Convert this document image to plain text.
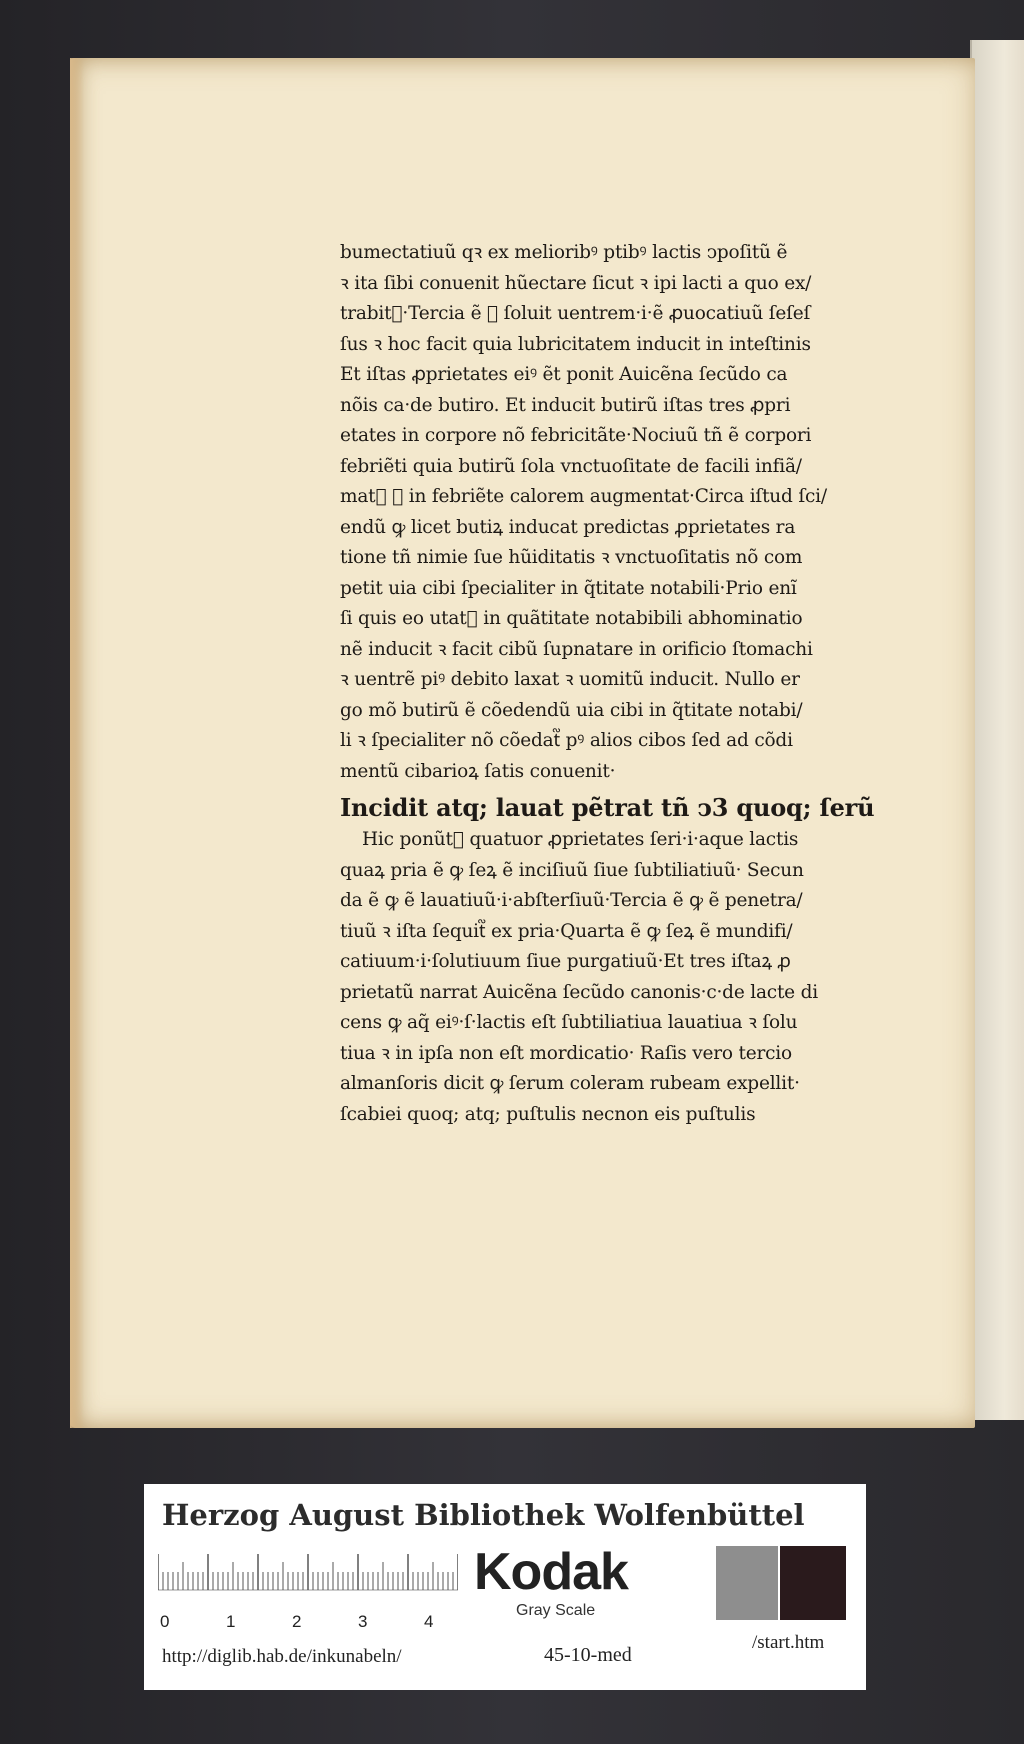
bumectatiuũ qꝛ ex melioribꝰ ptibꝰ lactis ↄpoſitũ ẽ
ꝛ ita ſibi conuenit hũectare ſicut ꝛ ipi lacti a quo ex/
trabit᷑·Tercia ẽ ꝙ ſoluit uentrem·i·ẽ ꝓuocatiuũ ſeſeſ
ſus ꝛ hoc facit quia lubricitatem inducit in inteſtinis
Et iſtas ꝓprietates eiꝰ ẽt ponit Auicẽna ſecũdo ca
nõis ca·de butiro. Et inducit butirũ iſtas tres ꝓpri
etates in corpore nõ febricitãte·Nociuũ tñ ẽ corpori
febriẽti quia butirũ ſola vnctuoſitate de facili infiã/
mat᷑ ꝛ in febriẽte calorem augmentat·Circa iſtud ſci/
endũ ꝙ licet butiꝝ inducat predictas ꝓprietates ra
tione tñ nimie ſue hũiditatis ꝛ vnctuoſitatis nõ com
petit uia cibi ſpecialiter in q̃titate notabili·Prio enĩ
ſi quis eo utat᷑ in quãtitate notabibili abhominatio
nẽ inducit ꝛ facit cibũ ſupnatare in orificio ſtomachi
ꝛ uentrẽ piꝰ debito laxat ꝛ uomitũ inducit. Nullo er
go mõ butirũ ẽ cõedendũ uia cibi in q̃titate notabi/
li ꝛ ſpecialiter nõ cõedat᷑ pꝰ alios cibos ſed ad cõdi
mentũ cibarioꝝ ſatis conuenit·
Incidit atq; lauat pẽtrat tñ ↄ3 quoq; ſerũ
Hic ponũt᷑ quatuor ꝓprietates ſeri·i·aque lactis
quaꝝ pria ẽ ꝙ ſeꝝ ẽ inciſiuũ ſiue ſubtiliatiuũ· Secun
da ẽ ꝙ ẽ lauatiuũ·i·abſterſiuũ·Tercia ẽ ꝙ ẽ penetra/
tiuũ ꝛ iſta ſequit᷑ ex pria·Quarta ẽ ꝙ ſeꝝ ẽ mundifi/
catiuum·i·ſolutiuum ſiue purgatiuũ·Et tres iſtaꝝ ꝓ
prietatũ narrat Auicẽna ſecũdo canonis·c·de lacte di
cens ꝙ aq̃ eiꝰ·ſ·lactis eſt ſubtiliatiua lauatiua ꝛ ſolu
tiua ꝛ in ipſa non eſt mordicatio· Raſis vero tercio
almanſoris dicit ꝙ ſerum coleram rubeam expellit·
ſcabiei quoq; atq; puſtulis necnon eis puſtulis
Herzog August Bibliothek Wolfenbüttel
0	1	2	3	4
Kodak
Gray Scale
http://diglib.hab.de/inkunabeln/	45-10-med
/start.htm
